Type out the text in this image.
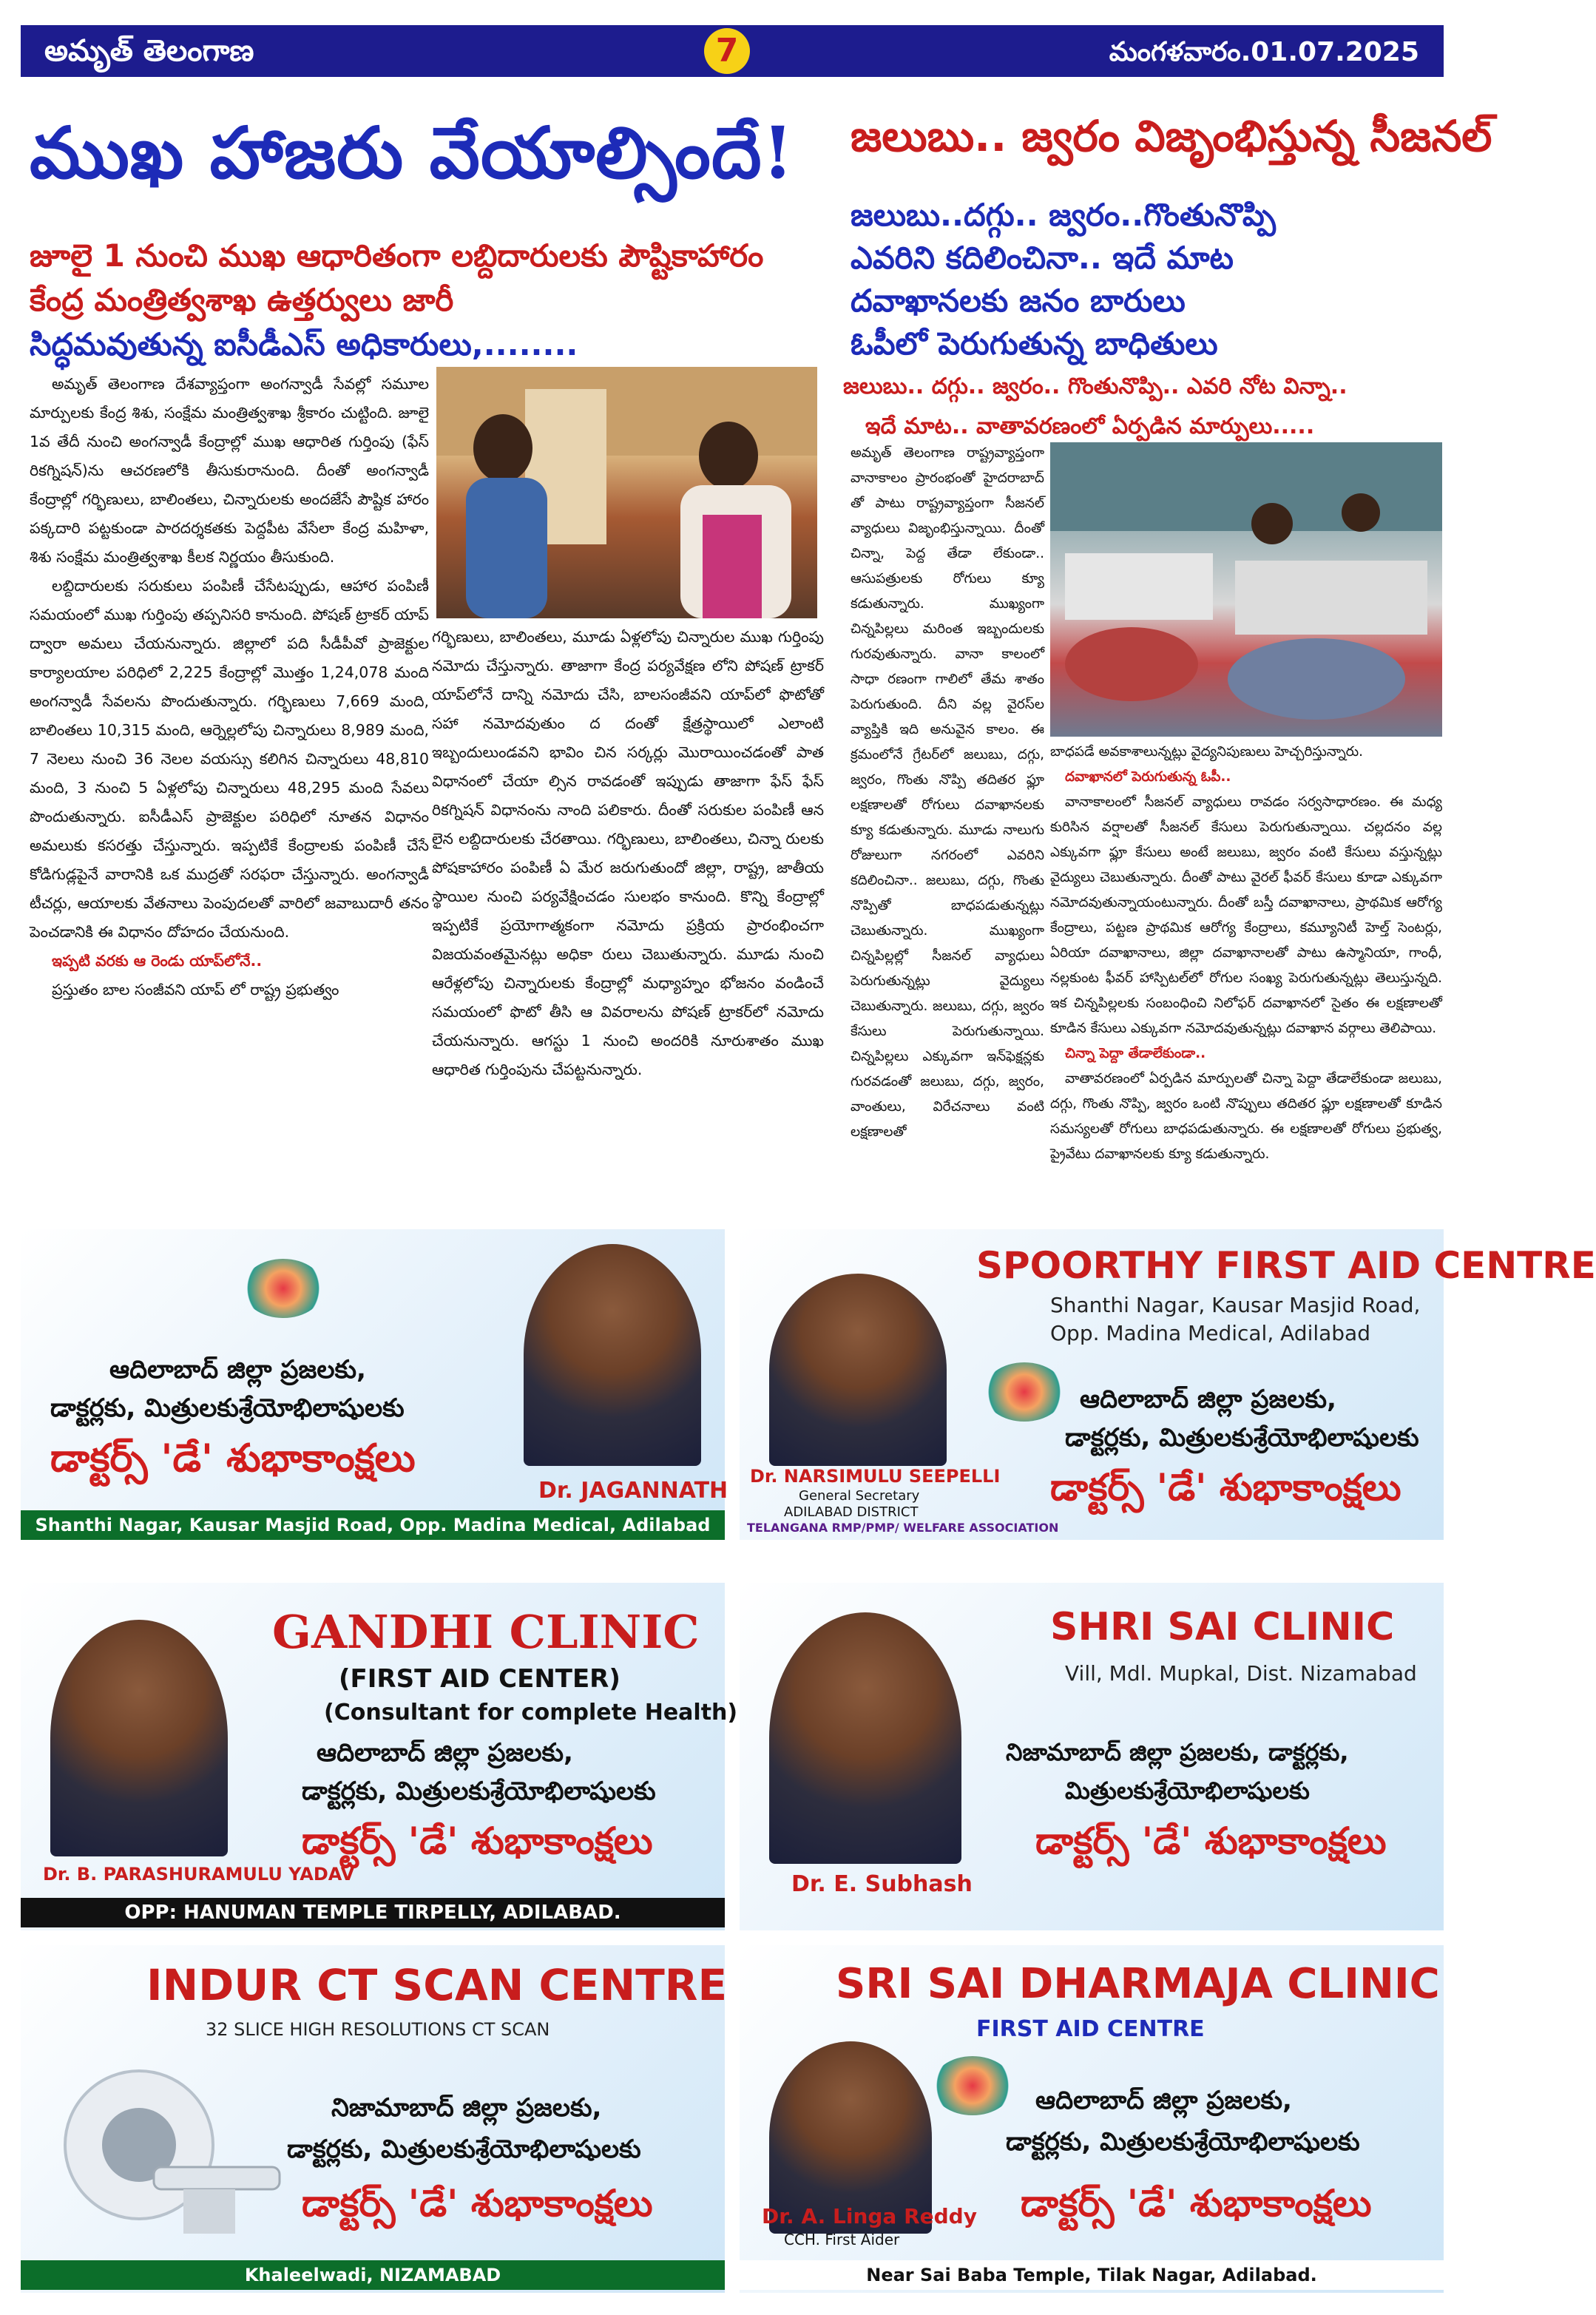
అమృత్ తెలంగాణ	7	మంగళవారం.01.07.2025
ముఖ హాజరు వేయాల్సిందే!
జూలై 1 నుంచి ముఖ ఆధారితంగా లబ్దిదారులకు పౌష్టికాహారం
కేంద్ర మంత్రిత్వశాఖ ఉత్తర్వులు జారీ
సిద్ధమవుతున్న ఐసీడీఎస్ అధికారులు,........
అమృత్ తెలంగాణ దేశవ్యాప్తంగా అంగన్వాడీ సేవల్లో సమూల మార్పులకు కేంద్ర శిశు, సంక్షేమ మంత్రిత్వశాఖ శ్రీకారం చుట్టింది. జూలై 1వ తేదీ నుంచి అంగన్వాడీ కేంద్రాల్లో ముఖ ఆధారిత గుర్తింపు (ఫేస్ రికగ్నిషన్)ను ఆచరణలోకి తీసుకురానుంది. దీంతో అంగన్వాడీ కేంద్రాల్లో గర్భిణులు, బాలింతలు, చిన్నారులకు అందజేసే పౌష్టిక హారం పక్కదారి పట్టకుండా పారదర్శకతకు పెద్దపీట వేసేలా కేంద్ర మహిళా, శిశు సంక్షేమ మంత్రిత్వశాఖ కీలక నిర్ణయం తీసుకుంది.
లబ్దిదారులకు సరుకులు పంపిణీ చేసేటప్పుడు, ఆహార పంపిణీ సమయంలో ముఖ గుర్తింపు తప్పనిసరి కానుంది. పోషణ్ ట్రాకర్ యాప్ ద్వారా అమలు చేయనున్నారు. జిల్లాలో పది సీడీపీవో ప్రాజెక్టుల కార్యాలయాల పరిధిలో 2,225 కేంద్రాల్లో మొత్తం 1,24,078 మంది అంగన్వాడీ సేవలను పొందుతున్నారు. గర్భిణులు 7,669 మంది, బాలింతలు 10,315 మంది, ఆర్నెల్లలోపు చిన్నారులు 8,989 మంది, 7 నెలలు నుంచి 36 నెలల వయస్సు కలిగిన చిన్నారులు 48,810 మంది, 3 నుంచి 5 ఏళ్లలోపు చిన్నారులు 48,295 మంది సేవలు పొందుతున్నారు. ఐసీడీఎస్ ప్రాజెక్టుల పరిధిలో నూతన విధానం అమలుకు కసరత్తు చేస్తున్నారు. ఇప్పటికే కేంద్రాలకు పంపిణీ చేసే కోడిగుడ్లపైనే వారానికి ఒక ముద్రతో సరఫరా చేస్తున్నారు. అంగన్వాడీ టీచర్లు, ఆయాలకు వేతనాలు పెంపుదలతో వారిలో జవాబుదారీ తనం పెంచడానికి ఈ విధానం దోహదం చేయనుంది.
ఇప్పటి వరకు ఆ రెండు యాప్‌లోనే..
ప్రస్తుతం బాల సంజీవని యాప్ లో రాష్ట్ర ప్రభుత్వం
గర్భిణులు, బాలింతలు, మూడు ఏళ్లలోపు చిన్నారుల ముఖ గుర్తింపు నమోదు చేస్తున్నారు. తాజాగా కేంద్ర పర్యవేక్షణ లోని పోషణ్ ట్రాకర్ యాప్‌లోనే దాన్ని నమోదు చేసి, బాలసంజీవని యాప్‌లో ఫొటోతో సహా నమోదవుతుం ద దంతో క్షేత్రస్థాయిలో ఎలాంటి ఇబ్బందులుండవని భావిం చిన సర్కర్లు మొరాయించడంతో పాత విధానంలో చేయా ల్సిన రావడంతో ఇప్పుడు తాజాగా ఫేస్ ఫేస్ రికగ్నిషన్ విధానంను నాంది పలికారు. దీంతో సరుకుల పంపిణీ ఆన లైన లబ్దిదారులకు చేరతాయి. గర్భిణులు, బాలింతలు, చిన్నా రులకు పోషకాహారం పంపిణీ ఏ మేర జరుగుతుందో జిల్లా, రాష్ట్ర, జాతీయ స్థాయిల నుంచి పర్యవేక్షించడం సులభం కానుంది. కొన్ని కేంద్రాల్లో ఇప్పటికే ప్రయోగాత్మకంగా నమోదు ప్రక్రియ ప్రారంభించగా విజయవంతమైనట్లు అధికా రులు చెబుతున్నారు. మూడు నుంచి ఆరేళ్లలోపు చిన్నారులకు కేంద్రాల్లో మధ్యాహ్నం భోజనం వండించే సమయంలో ఫొటో తీసి ఆ వివరాలను పోషణ్ ట్రాకర్‌లో నమోదు చేయనున్నారు. ఆగస్టు 1 నుంచి అందరికి నూరుశాతం ముఖ ఆధారిత గుర్తింపును చేపట్టనున్నారు.
జలుబు.. జ్వరం విజృంభిస్తున్న సీజనల్
జలుబు..దగ్గు.. జ్వరం..గొంతునొప్పి
ఎవరిని కదిలించినా.. ఇదే మాట
దవాఖానలకు జనం బారులు
ఓపీలో పెరుగుతున్న బాధితులు
జలుబు.. దగ్గు.. జ్వరం.. గొంతునొప్పి.. ఎవరి నోట విన్నా..
ఇదే మాట.. వాతావరణంలో ఏర్పడిన మార్పులు.....
అమృత్ తెలంగాణ రాష్ట్రవ్యాప్తంగా వానాకాలం ప్రారంభంతో హైదరాబాద్ తో పాటు రాష్ట్రవ్యాప్తంగా సీజనల్ వ్యాధులు విజృంభిస్తున్నాయి. దీంతో చిన్నా, పెద్ద తేడా లేకుండా.. ఆసుపత్రులకు రోగులు క్యూ కడుతున్నారు. ముఖ్యంగా చిన్నపిల్లలు మరింత ఇబ్బందులకు గురవుతున్నారు. వానా కాలంలో సాధా రణంగా గాలిలో తేమ శాతం పెరుగుతుంది. దీని వల్ల వైరస్‌ల వ్యాప్తికి ఇది అనువైన కాలం. ఈ క్రమంలోనే గ్రేటర్‌లో జలుబు, దగ్గు, జ్వరం, గొంతు నొప్పి తదితర ఫ్లూ లక్షణాలతో రోగులు దవాఖానలకు క్యూ కడుతున్నారు. మూడు నాలుగు రోజులుగా నగరంలో ఎవరిని కదిలించినా.. జలుబు, దగ్గు, గొంతు నొప్పితో బాధపడుతున్నట్లు చెబుతున్నారు. ముఖ్యంగా చిన్నపిల్లల్లో సీజనల్ వ్యాధులు పెరుగుతున్నట్లు వైద్యులు చెబుతున్నారు. జలుబు, దగ్గు, జ్వరం కేసులు పెరుగుతున్నాయి. చిన్నపిల్లలు ఎక్కువగా ఇన్‌ఫెక్షన్లకు గురవడంతో జలుబు, దగ్గు, జ్వరం, వాంతులు, విరేచనాలు వంటి లక్షణాలతో
బాధపడే అవకాశాలున్నట్లు వైద్యనిపుణులు హెచ్చరిస్తున్నారు.
దవాఖానలో పెరుగుతున్న ఓపీ..
వానాకాలంలో సీజనల్ వ్యాధులు రావడం సర్వసాధారణం. ఈ మధ్య కురిసిన వర్షాలతో సీజనల్ కేసులు పెరుగుతున్నాయి. చల్లదనం వల్ల ఎక్కువగా ఫ్లూ కేసులు అంటే జలుబు, జ్వరం వంటి కేసులు వస్తున్నట్లు వైద్యులు చెబుతున్నారు. దీంతో పాటు వైరల్ ఫీవర్ కేసులు కూడా ఎక్కువగా నమోదవుతున్నాయంటున్నారు. దీంతో బస్తీ దవాఖానాలు, ప్రాథమిక ఆరోగ్య కేంద్రాలు, పట్టణ ప్రాథమిక ఆరోగ్య కేంద్రాలు, కమ్యూనిటీ హెల్త్ సెంటర్లు, ఏరియా దవాఖానాలు, జిల్లా దవాఖానాలతో పాటు ఉస్మానియా, గాంధీ, నల్లకుంట ఫీవర్ హాస్పిటల్‌లో రోగుల సంఖ్య పెరుగుతున్నట్లు తెలుస్తున్నది. ఇక చిన్నపిల్లలకు సంబంధించి నిలోఫర్ దవాఖానలో సైతం ఈ లక్షణాలతో కూడిన కేసులు ఎక్కువగా నమోదవుతున్నట్లు దవాఖాన వర్గాలు తెలిపాయి.
చిన్నా పెద్దా తేడాలేకుండా..
వాతావరణంలో ఏర్పడిన మార్పులతో చిన్నా పెద్దా తేడాలేకుండా జలుబు, దగ్గు, గొంతు నొప్పి, జ్వరం ఒంటి నొప్పులు తదితర ఫ్లూ లక్షణాలతో కూడిన సమస్యలతో రోగులు బాధపడుతున్నారు. ఈ లక్షణాలతో రోగులు ప్రభుత్వ, ప్రైవేటు దవాఖానలకు క్యూ కడుతున్నారు.
ఆదిలాబాద్ జిల్లా ప్రజలకు,
డాక్టర్లకు, మిత్రులకుశ్రేయోభిలాషులకు
డాక్టర్స్ 'డే' శుభాకాంక్షలు
Dr. JAGANNATH
Shanthi Nagar, Kausar Masjid Road, Opp. Madina Medical, Adilabad
SPOORTHY FIRST AID CENTRE
Shanthi Nagar, Kausar Masjid Road,
Opp. Madina Medical, Adilabad
ఆదిలాబాద్ జిల్లా ప్రజలకు,
డాక్టర్లకు, మిత్రులకుశ్రేయోభిలాషులకు
డాక్టర్స్ 'డే' శుభాకాంక్షలు
Dr. NARSIMULU SEEPELLI
General Secretary
ADILABAD DISTRICT
TELANGANA RMP/PMP/ WELFARE ASSOCIATION
GANDHI CLINIC
(FIRST AID CENTER)
(Consultant for complete Health)
ఆదిలాబాద్ జిల్లా ప్రజలకు,
డాక్టర్లకు, మిత్రులకుశ్రేయోభిలాషులకు
డాక్టర్స్ 'డే' శుభాకాంక్షలు
Dr. B. PARASHURAMULU YADAV
OPP: HANUMAN TEMPLE TIRPELLY, ADILABAD.
SHRI SAI CLINIC
Vill, Mdl. Mupkal, Dist. Nizamabad
నిజామాబాద్ జిల్లా ప్రజలకు, డాక్టర్లకు,
మిత్రులకుశ్రేయోభిలాషులకు
డాక్టర్స్ 'డే' శుభాకాంక్షలు
Dr. E. Subhash
INDUR CT SCAN CENTRE
32 SLICE HIGH RESOLUTIONS CT SCAN
నిజామాబాద్ జిల్లా ప్రజలకు,
డాక్టర్లకు, మిత్రులకుశ్రేయోభిలాషులకు
డాక్టర్స్ 'డే' శుభాకాంక్షలు
Khaleelwadi, NIZAMABAD
SRI SAI DHARMAJA CLINIC
FIRST AID CENTRE
ఆదిలాబాద్ జిల్లా ప్రజలకు,
డాక్టర్లకు, మిత్రులకుశ్రేయోభిలాషులకు
డాక్టర్స్ 'డే' శుభాకాంక్షలు
Dr. A. Linga Reddy
CCH. First Aider
Near Sai Baba Temple, Tilak Nagar, Adilabad.
